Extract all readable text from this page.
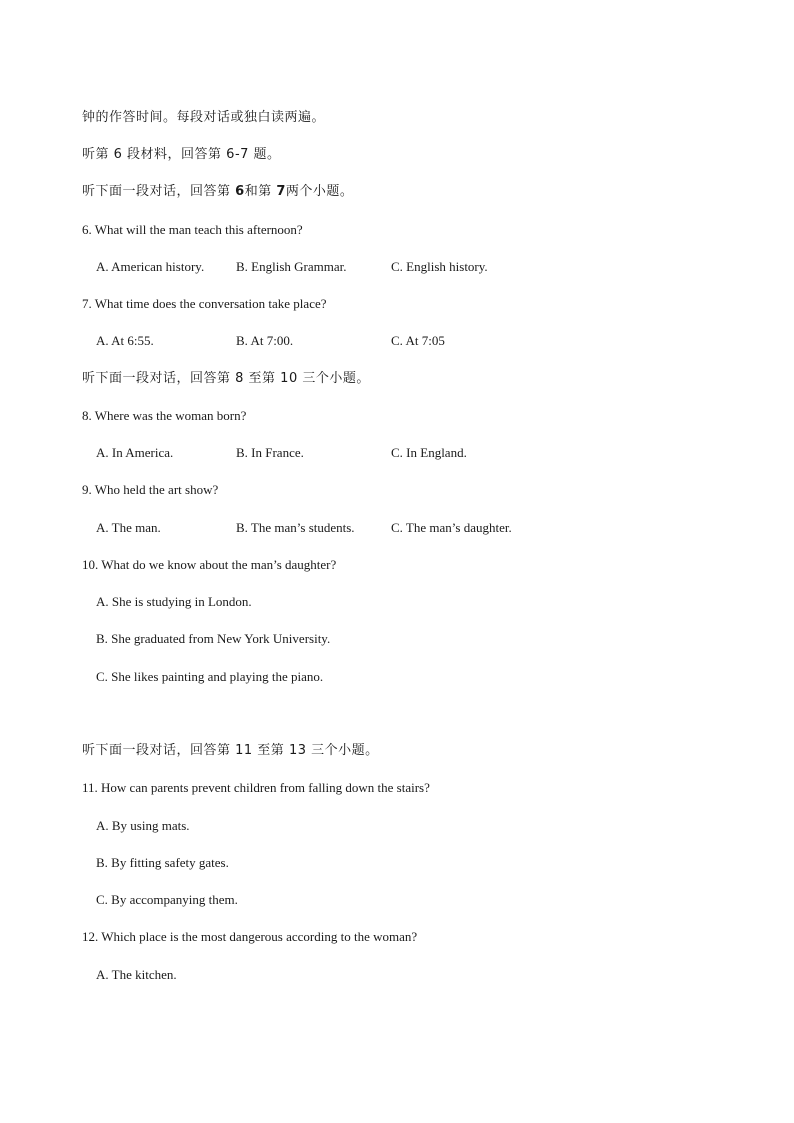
钟的作答时间。每段对话或独白读两遍。
听第 6 段材料，回答第 6-7 题。
听下面一段对话，回答第 6和第 7两个小题。
6. What will the man teach this afternoon?
A. American history. B. English Grammar.	C. English history.
7. What time does the conversation take place?
A. At 6:55.	B. At 7:00.	C. At 7:05
听下面一段对话，回答第 8 至第 10 三个小题。
8. Where was the woman born?
A. In America.	B. In France.	C. In England.
9. Who held the art show?
A. The man.	B. The man’s students.	C. The man’s daughter.
10. What do we know about the man’s daughter?
A. She is studying in London.
B. She graduated from New York University.
C. She likes painting and playing the piano.
听下面一段对话，回答第 11 至第 13 三个小题。
11. How can parents prevent children from falling down the stairs?
A. By using mats.
B. By fitting safety gates.
C. By accompanying them.
12. Which place is the most dangerous according to the woman?
A. The kitchen.
